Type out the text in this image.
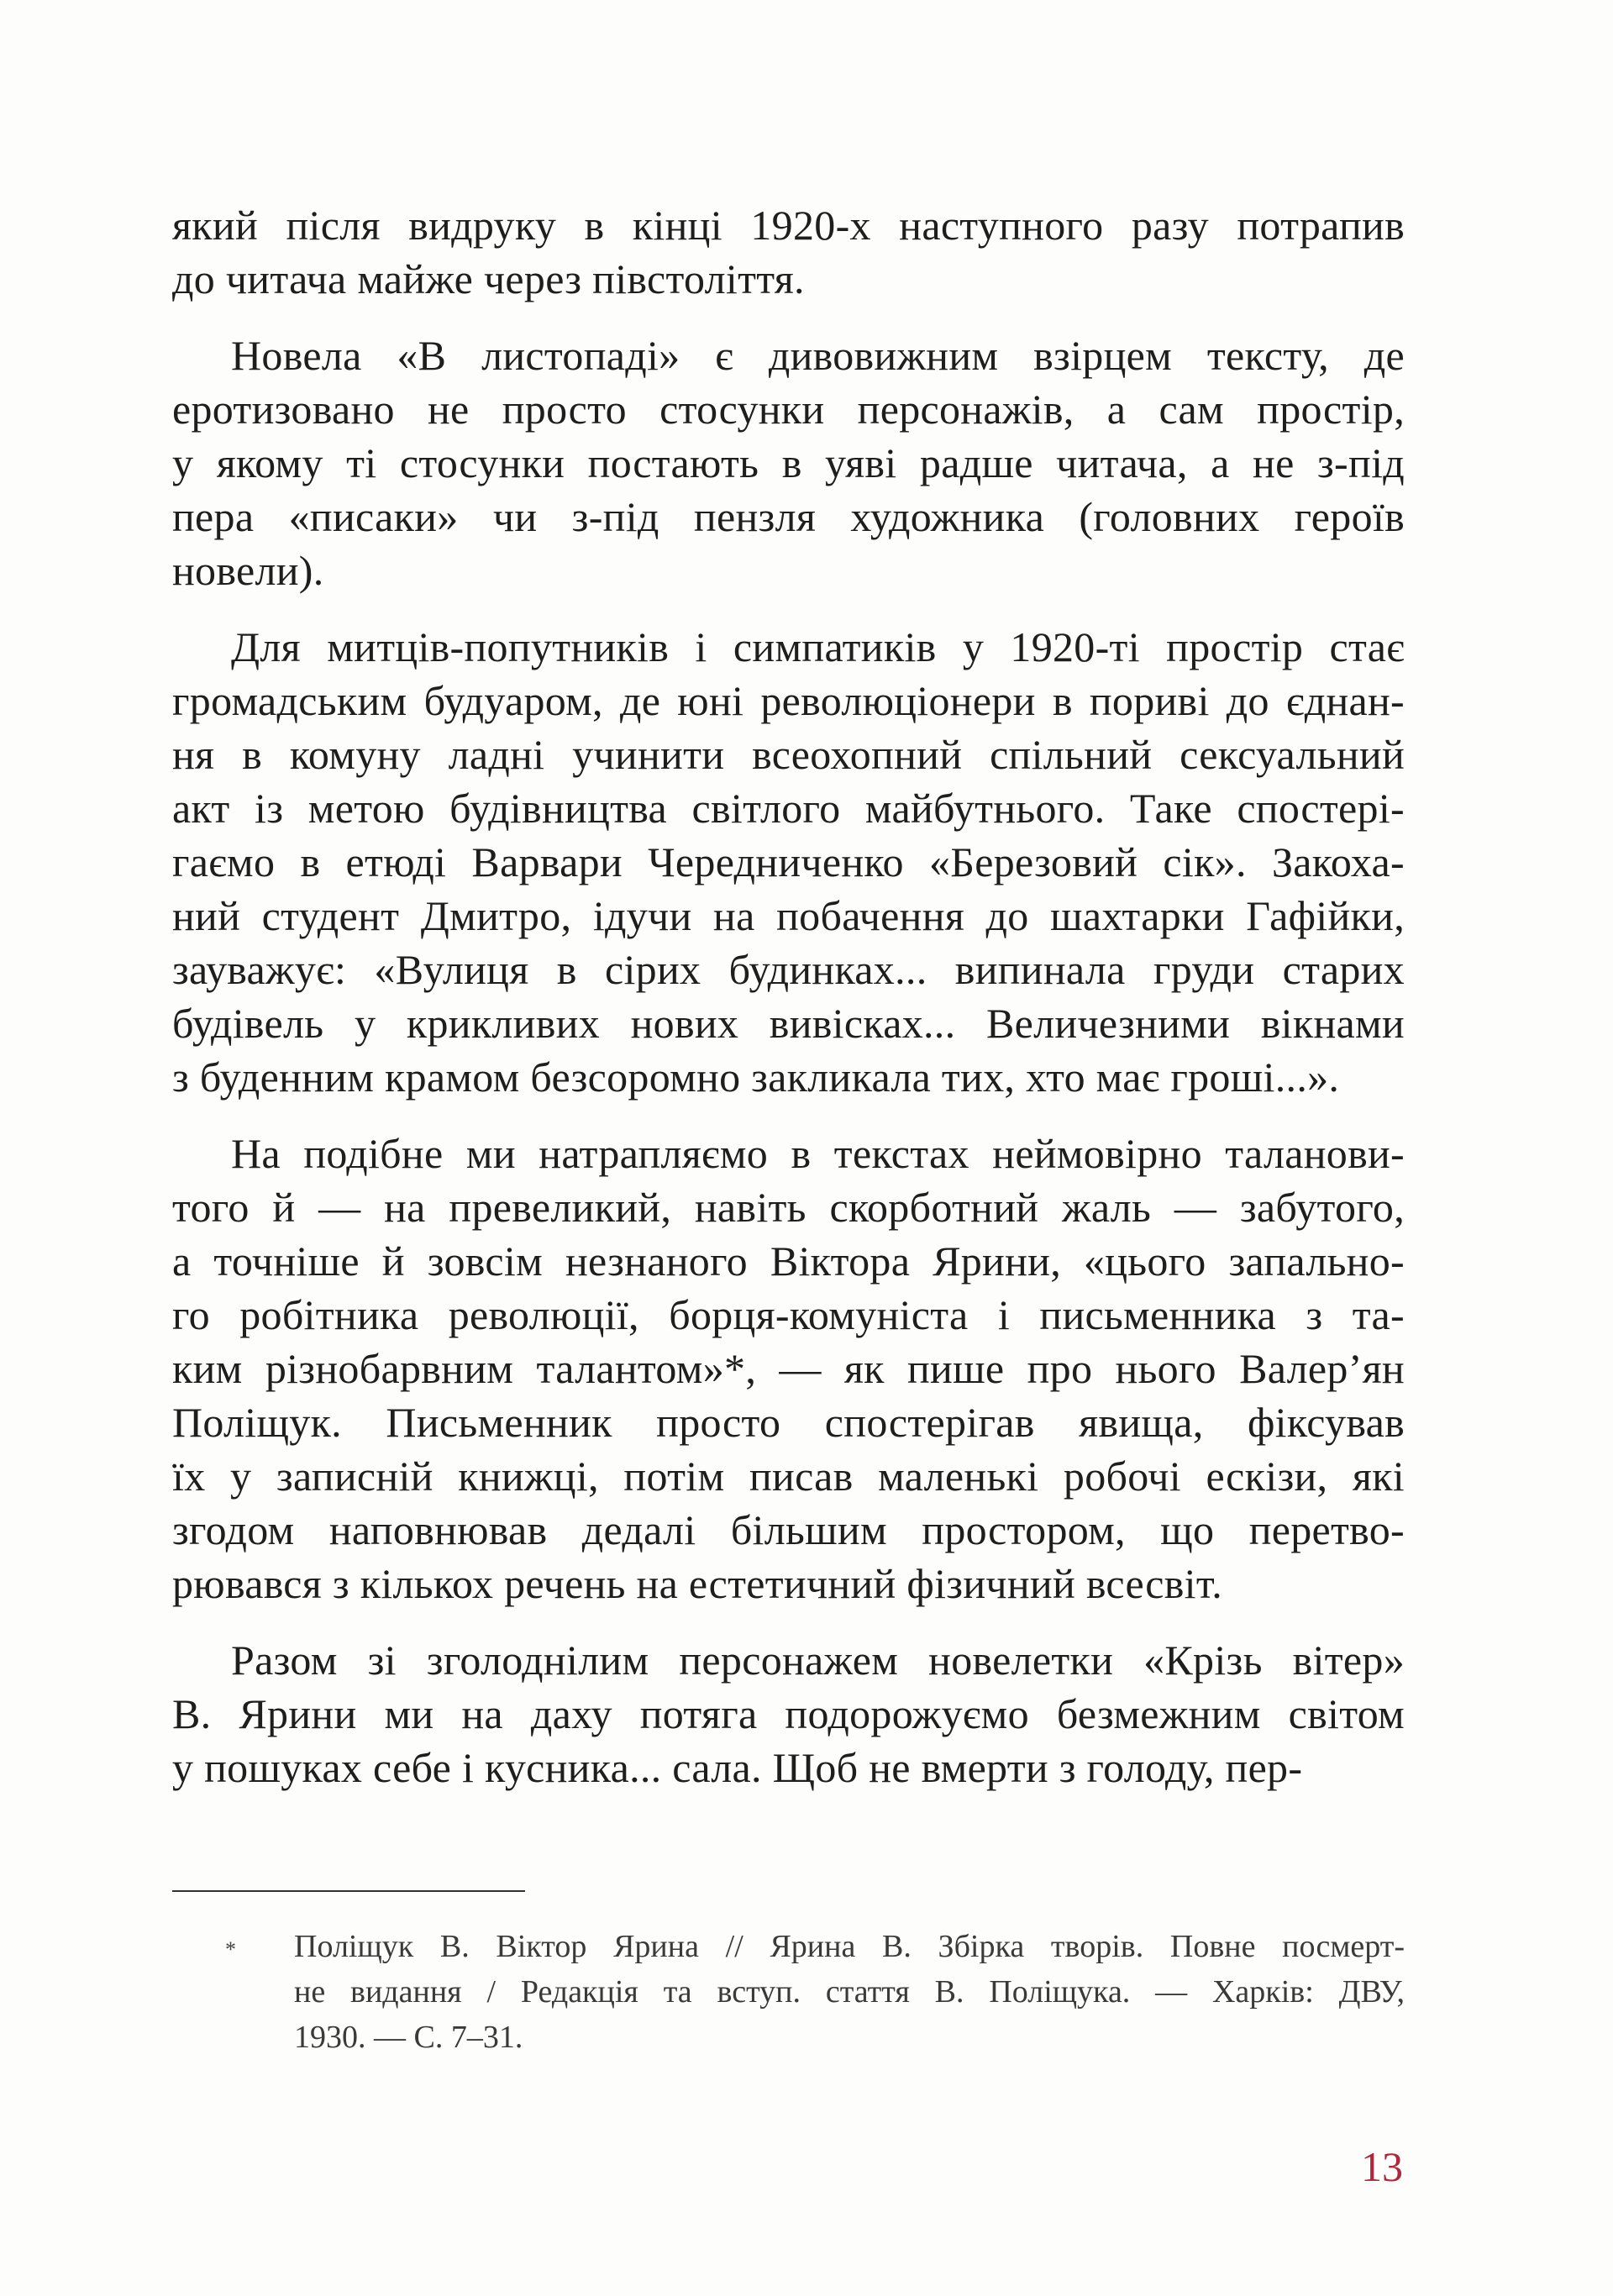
який після видруку в кінці 1920-х наступного разу потрапив
до читача майже через півстоліття.
Новела «В листопаді» є дивовижним взірцем тексту, де
еротизовано не просто стосунки персонажів, а сам простір,
у якому ті стосунки постають в уяві радше читача, а не з-під
пера «писаки» чи з-під пензля художника (головних героїв
новели).
Для митців-попутників і симпатиків у 1920-ті простір стає
громадським будуаром, де юні революціонери в пориві до єднан-
ня в комуну ладні учинити всеохопний спільний сексуальний
акт із метою будівництва світлого майбутнього. Таке спостері-
гаємо в етюді Варвари Чередниченко «Березовий сік». Закоха-
ний студент Дмитро, ідучи на побачення до шахтарки Гафійки,
зауважує: «Вулиця в сірих будинках... випинала груди старих
будівель у крикливих нових вивісках... Величезними вікнами
з буденним крамом безсоромно закликала тих, хто має гроші...».
На подібне ми натрапляємо в текстах неймовірно таланови-
того й — на превеликий, навіть скорботний жаль — забутого,
а точніше й зовсім незнаного Віктора Ярини, «цього запально-
го робітника революції, борця-комуніста і письменника з та-
ким різнобарвним талантом»*, — як пише про нього Валер’ян
Поліщук. Письменник просто спостерігав явища, фіксував
їх у записній книжці, потім писав маленькі робочі ескізи, які
згодом наповнював дедалі більшим простором, що перетво-
рювався з кількох речень на естетичний фізичний всесвіт.
Разом зі зголоднілим персонажем новелетки «Крізь вітер»
В. Ярини ми на даху потяга подорожуємо безмежним світом
у пошуках себе і кусника... сала. Щоб не вмерти з голоду, пер-
* Поліщук В. Віктор Ярина // Ярина В. Збірка творів. Повне посмерт-
не видання / Редакція та вступ. стаття В. Поліщука. — Харків: ДВУ,
1930. — С. 7–31.
13
